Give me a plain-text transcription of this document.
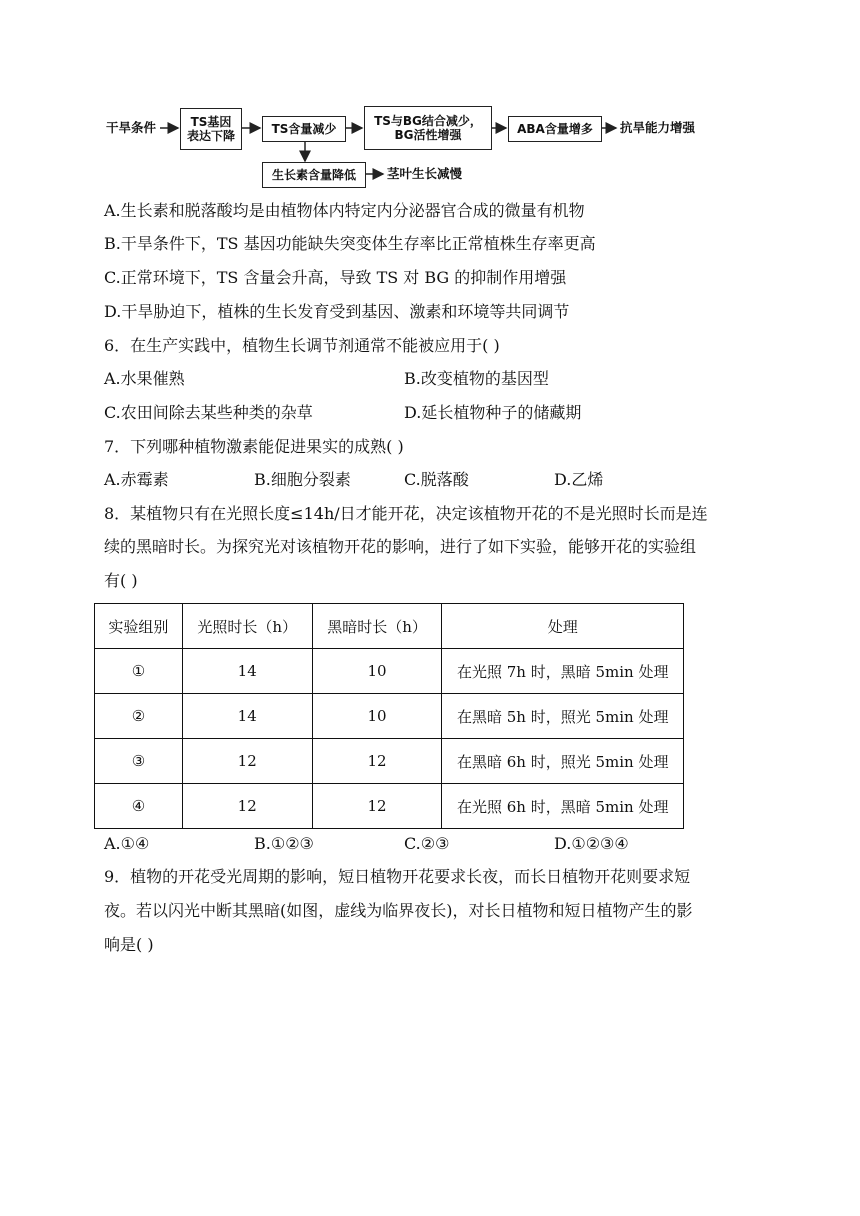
干旱条件	TS基因
表达下降	TS含量减少
TS与BG结合减少，
BG活性增强	ABA含量增多	抗旱能力增强
生长素含量降低	茎叶生长减慢
A.生长素和脱落酸均是由植物体内特定内分泌器官合成的微量有机物
B.干旱条件下，TS 基因功能缺失突变体生存率比正常植株生存率更高
C.正常环境下，TS 含量会升高，导致 TS 对 BG 的抑制作用增强
D.干旱胁迫下，植株的生长发育受到基因、激素和环境等共同调节
6．在生产实践中，植物生长调节剂通常不能被应用于( )
A.水果催熟	B.改变植物的基因型
C.农田间除去某些种类的杂草	D.延长植物种子的储藏期
7．下列哪种植物激素能促进果实的成熟( )
A.赤霉素	B.细胞分裂素	C.脱落酸	D.乙烯
8．某植物只有在光照长度≤14h/日才能开花，决定该植物开花的不是光照时长而是连
续的黑暗时长。为探究光对该植物开花的影响，进行了如下实验，能够开花的实验组
有( )
实验组别	光照时长（h）	黑暗时长（h）	处理
①	14	10	在光照 7h 时，黑暗 5min 处理
②	14	10	在黑暗 5h 时，照光 5min 处理
③	12	12	在黑暗 6h 时，照光 5min 处理
④	12	12	在光照 6h 时，黑暗 5min 处理
A.①④	B.①②③	C.②③	D.①②③④
9．植物的开花受光周期的影响，短日植物开花要求长夜，而长日植物开花则要求短
夜。若以闪光中断其黑暗(如图，虚线为临界夜长)，对长日植物和短日植物产生的影
响是( )
